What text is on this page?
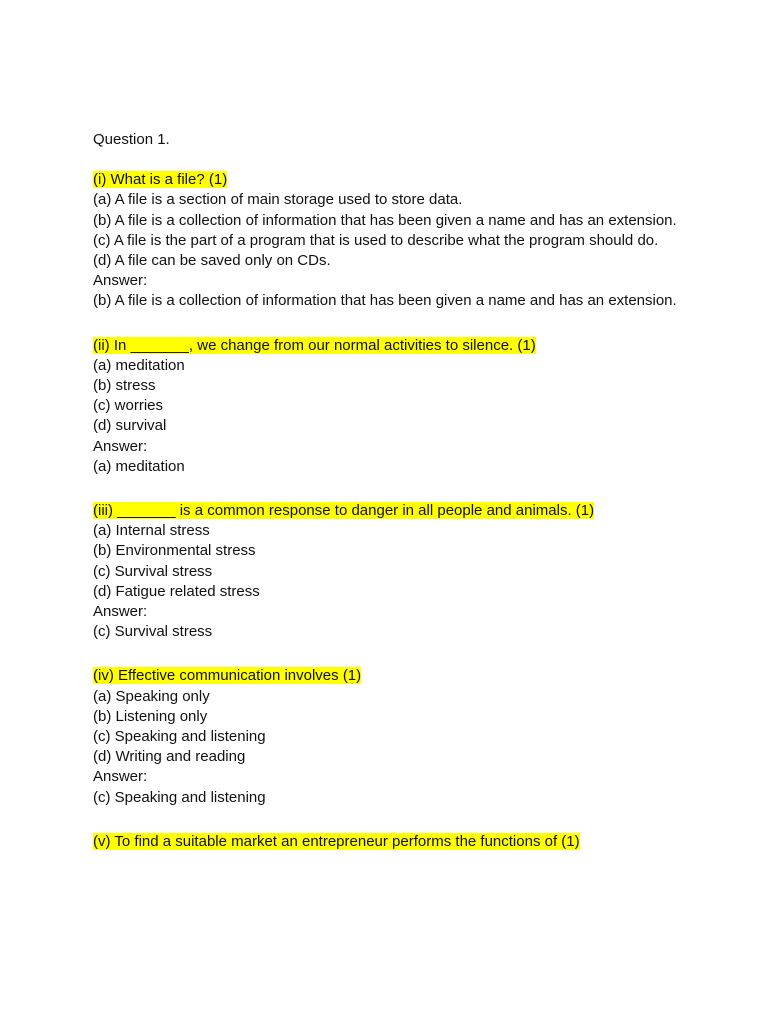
Question 1.
(i) What is a file? (1)
(a) A file is a section of main storage used to store data.
(b) A file is a collection of information that has been given a name and has an extension.
(c) A file is the part of a program that is used to describe what the program should do.
(d) A file can be saved only on CDs.
Answer:
(b) A file is a collection of information that has been given a name and has an extension.
(ii) In _______, we change from our normal activities to silence. (1)
(a) meditation
(b) stress
(c) worries
(d) survival
Answer:
(a) meditation
(iii) _______ is a common response to danger in all people and animals. (1)
(a) Internal stress
(b) Environmental stress
(c) Survival stress
(d) Fatigue related stress
Answer:
(c) Survival stress
(iv) Effective communication involves (1)
(a) Speaking only
(b) Listening only
(c) Speaking and listening
(d) Writing and reading
Answer:
(c) Speaking and listening
(v) To find a suitable market an entrepreneur performs the functions of (1)
